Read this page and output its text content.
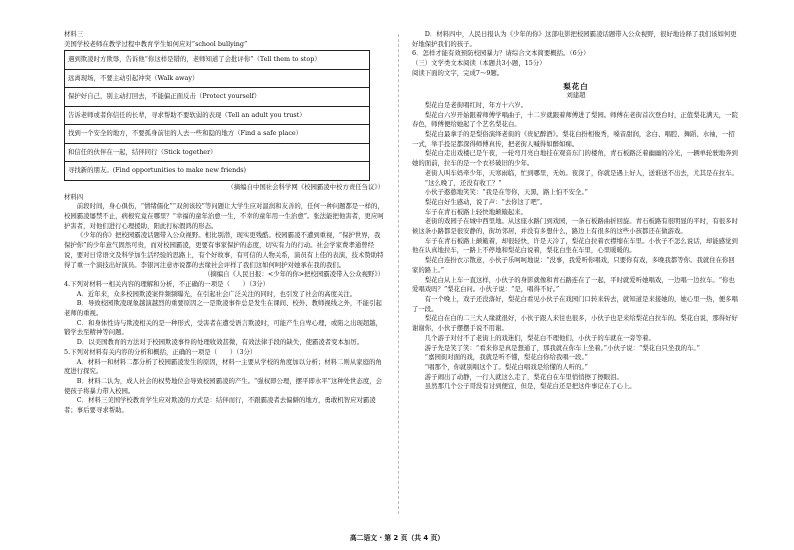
材料三

美国学校老师在教学过程中教育学生如何应对“school bullying”

遇到欺凌时方欺辱，告诉他“你这样是错的，老师知道了会批评你”（Tell them to stop）
远离现场，不要主动引起冲突（Walk away）
保护好自己，别主动打回去，不能偏正面反击（Protect yourself）
告诉老师或者你信任的长辈，寻求帮助不要软弱的表现（Tell an adult you trust）
找到一个安全的地方，不要孤身前往的人去一些和隐的地方（Find a safe place）
和信任的伙伴在一起，结伴同行（Stick together）
寻找新的朋友。(Find opportunities to make new friends)

（摘编自中国社会科学网《校园霸凌中校方责任刍议》）

材料四

前段时间，身心俱伤，“情绪儒化”“双剑该较”等问题让大学生应对温润和友善的，任何一种问题都是一样的，校园霸凌屡禁不止，病根究竟在哪里？“幸福的童年治愈一生，不幸的童年用一生治愈”。张法能把他害者，更应呵护害者，对他们进行心理援助，阳此打标假鸿的形态。

《少年的你》把校园霸凌话题带入公众视野。相比别潜，现实更残酷。校园霸凌不遭到重视，“保护世界，我保护你”的少年意气固然可贵，而对校园霸凌，更要有事家保护的态度，切实有力的行动。社会学家费孝通曾经说，要对日常语文及科学加生活经验的思路上，有个好故事，有可信的人物关系，演员有上佳的表演，技术赞助特得了重一个演技出好演员。李银河注意亦说都的去缘社会评样了我们这如何呵护对她承在我的我们。

（摘编自《人民日报：<少年的你>把校园霸凌带入公众视野》）

4.下列对材料一相关内容的理解和分析，不正确的一项是（　　）（3分）

A．近年来，众多校园欺凌案件频频曝光，在引起社会广泛关注的同时，也引发了社会的高度关注。

B．导致校园欺凌现象越演越烈的重要原因之一是欺凌事件总是发生在课间、校外、教师视线之外，不能引起老师的重视。

C．和身体性诗与欺凌相关的是一种形式，受害者在遭受语言欺凌时，可能产生自卑心理，或陷之出现超越，锻学去至精神等问题。

D．以美国教育的方法对于校园欺凌事件的处理收效甚微，有效法律手段的缺失，使霸凌者变本加厉。

5.下列对材料有关内容的分析和概括，正确的一项是（　　）（3分）

A．材料一和材料二都分析了校园霸凌发生的原因，材料一主要从学校的角度加以分析；材料二则从家庭的角度进行探究。

B．材料二认为，成人社会的权势地位会导致校园霸凌的产生。“强权即公理，摆平即水平”这种处世态度，会使孩子将暴力带入校园。

C．材料三美国学校教育学生应对欺凌的方式是：结伴而行，不跟霸凌者去偏僻的地方，勇敢机智应对霸凌者；事后要寻求帮助。

D．材料四中，人民日报认为《少年的你》这部电影把校园霸凌话题带入公众视野，很好地诠释了我们该如何更好地保护我们的孩子。

6．怎样才能有效预防校园暴力？请综合文本简要概括。（6分）

（三）文学类文本阅读（本题共3小题，15分）

阅读下面的文字，完成7～9题。

梨花白

刘建超

梨花白是老街唱红时，年方十六岁。

梨花白六岁开始跟着师傅学唱曲子，十二岁就跟着师傅进了梨园。师傅在老街首次登台时，正值梨花满天，一院春色，师傅便给她起了个艺名梨花白。

梨花白最拿手的是梨俗演绎老街的《贵妃醉酒》。梨花白扮相俊秀，嗓音甜润，念白、唱腔、舞蹈、水袖，一招一式，举手投足都深得师傅真传，把老街人喊得如醉如痴。

梨花白走出戏楼已是午夜，一轮弯月亮白地挂在观音东门的楼角，青石板路泛着幽幽的冷光，一辆单轮驶地奔到她的面前，拉车的是一个衣衫破旧的少年。

老街人叫车妈牵少年，天寒雨临，忙到哪里，无妨。夜深了，你就是遇上好人，送谁送不出去，尤其是在拉车。

“这么晚了，还没有收工？”

小伙子憨憨地笑笑：“我是在等你，天黑，路上怕不安全。”

梨花白好生感动，说了声：“去你这了吧”。

车子在青石板路上轻快地颠簸起来。

老街的戏园子在城中西里地。从这座水路门到戏园，一条石板路曲折回旋。青石板路有很明显的平时，有很多时候这条小路都是很安静的，街坊邻居，并没有多想什么，路边上有很多的这些小孩都还在做游戏。

车子在青石板路上颠簸着，却很轻快，许是天冷了，梨花白拉着衣襟缩在车里。小伙子不怎么说话，却能感觉到他在认真地拉车，一路上不停地和梨花白说着，梨花白坐在车里，心里暖暖的。

梨花白连扮衣示散意，小伙子乐呵呵地说：“没事，我爱听你唱戏，只要你有戏，多晚我都等你。我就住在你回家的路上。”

梨花白从上车一直这样，小伙子的身影就像和青石路连在了一起，平时就爱听她唱戏，一边唱一边拉车。“你也爱唱戏吗？”梨花白问。小伙子说：“是，唱得不好。”

有一个晚上，戏子还没落好，梨花白看见小伙子在戏园门口转来转去，就知道是来接她的，她心里一热，便多唱了一段。

梨花白在白的二三大人缘就很好，小伙子跟人来往也很多，小伙子也是来给梨花白拉车的。梨花白说，那得好好谢谢你，小伙子摆摆手说不用谢。

几个游子对付不了老街上的戏迷们，梨花白不理他们，小伙子的车就在一旁等着。

游子先是笑了笑：“看来你是真是想通了，那我就在你车上坐着。”小伙子说：“梨花白只坐我的车。”

“嘉园街对面的戏，我就是听不懂，梨花白你给我唱一段。”

“唱那个，你就别唱这个了。梨花白唱戏是给懂的人听的。”

游子闹出了动静，一行人就这么走了，梨花白在车里悄悄擦了擦眼泪。

虽然那几个公子哥没有讨到便宜，但是，梨花白还是把这件事记在了心上。

高二语文 · 第 2 页（共 4 页）
